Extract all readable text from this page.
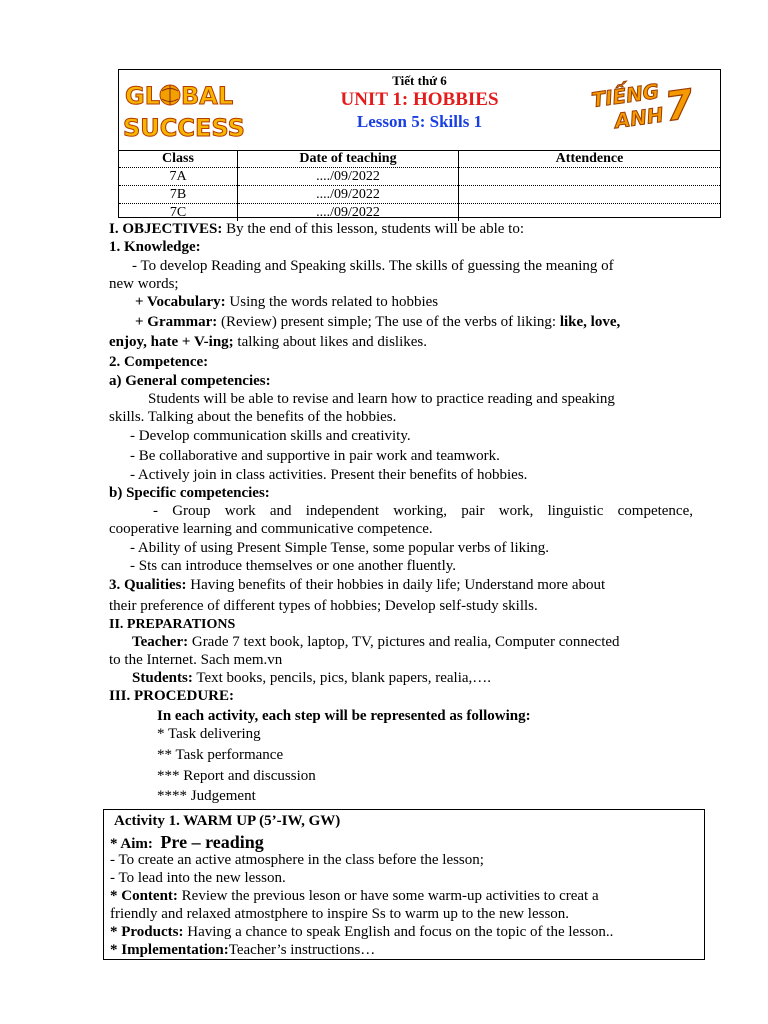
GL BAL
SUCCESS
Tiết thứ 6
UNIT 1: HOBBIES
Lesson 5: Skills 1
TIẾNG
ANH
7
Class	Date of teaching	Attendence
7A	..../09/2022	
7B	..../09/2022	
7C	..../09/2022	
I. OBJECTIVES: By the end of this lesson, students will be able to:
1. Knowledge:
- To develop Reading and Speaking skills. The skills of guessing the meaning of
new words;
+ Vocabulary: Using the words related to hobbies
+ Grammar: (Review) present simple; The use of the verbs of liking: like, love,
enjoy, hate + V-ing; talking about likes and dislikes.
2. Competence:
a) General competencies:
Students will be able to revise and learn how to practice reading and speaking
skills. Talking about the benefits of the hobbies.
- Develop communication skills and creativity.
- Be collaborative and supportive in pair work and teamwork.
- Actively join in class activities. Present their benefits of hobbies.
b) Specific competencies:
- Group work and independent working, pair work, linguistic competence,
cooperative learning and communicative competence.
- Ability of using Present Simple Tense, some popular verbs of liking.
- Sts can introduce themselves or one another fluently.
3. Qualities: Having benefits of their hobbies in daily life; Understand more about
their preference of different types of hobbies; Develop self-study skills.
II. PREPARATIONS
Teacher: Grade 7 text book, laptop, TV, pictures and realia, Computer connected
to the Internet. Sach mem.vn
Students: Text books, pencils, pics, blank papers, realia,….
III. PROCEDURE:
In each activity, each step will be represented as following:
* Task delivering
** Task performance
*** Report and discussion
**** Judgement
Activity 1. WARM UP (5’-IW, GW)
* Aim: Pre – reading
- To create an active atmosphere in the class before the lesson;
- To lead into the new lesson.
* Content: Review the previous leson or have some warm-up activities to creat a
friendly and relaxed atmostphere to inspire Ss to warm up to the new lesson.
* Products: Having a chance to speak English and focus on the topic of the lesson..
* Implementation:Teacher’s instructions…
